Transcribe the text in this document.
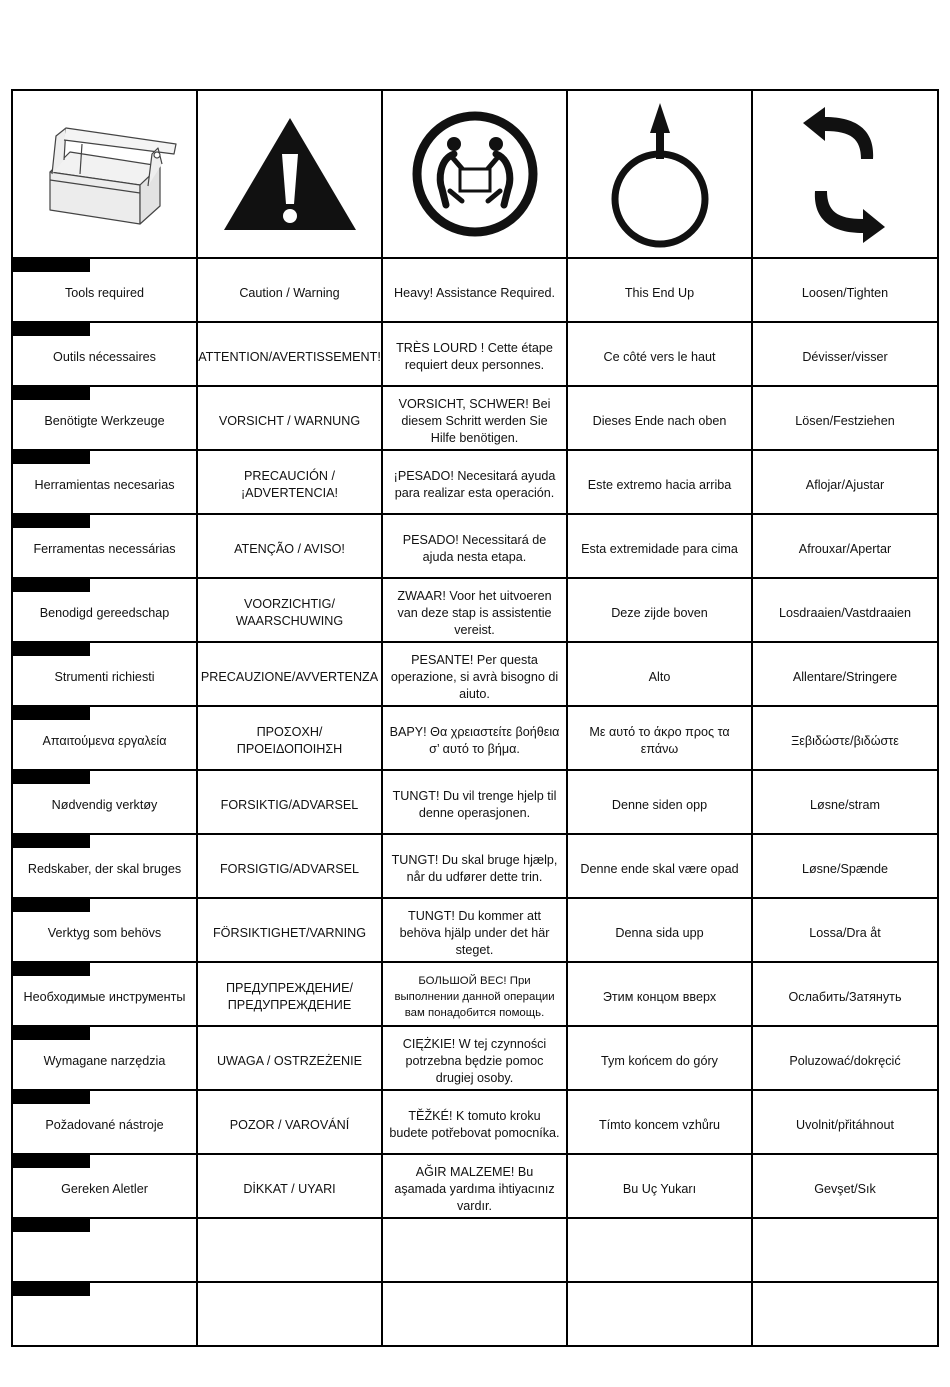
Tools required	Caution / Warning	Heavy! Assistance Required.	This End Up	Loosen/Tighten

Outils nécessaires	ATTENTION/AVERTISSEMENT!	TRÈS LOURD ! Cette étape requiert deux personnes.	Ce côté vers le haut	Dévisser/visser

Benötigte Werkzeuge	VORSICHT / WARNUNG	VORSICHT, SCHWER! Bei diesem Schritt werden Sie Hilfe benötigen.	Dieses Ende nach oben	Lösen/Festziehen

Herramientas necesarias	PRECAUCIÓN /¡ADVERTENCIA!	¡PESADO! Necesitará ayuda para realizar esta operación.	Este extremo hacia arriba	Aflojar/Ajustar

Ferramentas necessárias	ATENÇÃO / AVISO!	PESADO! Necessitará de ajuda nesta etapa.	Esta extremidade para cima	Afrouxar/Apertar

Benodigd gereedschap	VOORZICHTIG/ WAARSCHUWING	ZWAAR! Voor het uitvoeren van deze stap is assistentie vereist.	Deze zijde boven	Losdraaien/Vastdraaien

Strumenti richiesti	PRECAUZIONE/AVVERTENZA	PESANTE! Per questa operazione, si avrà bisogno di aiuto.	Alto	Allentare/Stringere

Απαιτούμενα εργαλεία	ΠΡΟΣΟΧΗ/ΠΡΟΕΙΔΟΠΟΙΗΣΗ	ΒΑΡΥ! Θα χρειαστείτε βοήθεια σ’ αυτό το βήμα.	Με αυτό το άκρο προς τα επάνω	Ξεβιδώστε/βιδώστε

Nødvendig verktøy	FORSIKTIG/ADVARSEL	TUNGT! Du vil trenge hjelp til denne operasjonen.	Denne siden opp	Løsne/stram

Redskaber, der skal bruges	FORSIGTIG/ADVARSEL	TUNGT! Du skal bruge hjælp, når du udfører dette trin.	Denne ende skal være opad	Løsne/Spænde

Verktyg som behövs	FÖRSIKTIGHET/VARNING	TUNGT! Du kommer att behöva hjälp under det här steget.	Denna sida upp	Lossa/Dra åt

Необходимые инструменты	ПРЕДУПРЕЖДЕНИЕ/ ПРЕДУПРЕЖДЕНИЕ	БОЛЬШОЙ ВЕС! При выполнении данной операции вам понадобится помощь.	Этим концом вверх	Ослабить/Затянуть

Wymagane narzędzia	UWAGA / OSTRZEŻENIE	CIĘŻKIE! W tej czynności potrzebna będzie pomoc drugiej osoby.	Tym końcem do góry	Poluzować/dokręcić

Požadované nástroje	POZOR / VAROVÁNÍ	TĚŽKÉ! K tomuto kroku budete potřebovat pomocníka.	Tímto koncem vzhůru	Uvolnit/přitáhnout

Gereken Aletler	DİKKAT / UYARI	AĞIR MALZEME! Bu aşamada yardıma ihtiyacınız vardır.	Bu Uç Yukarı	Gevşet/Sık
